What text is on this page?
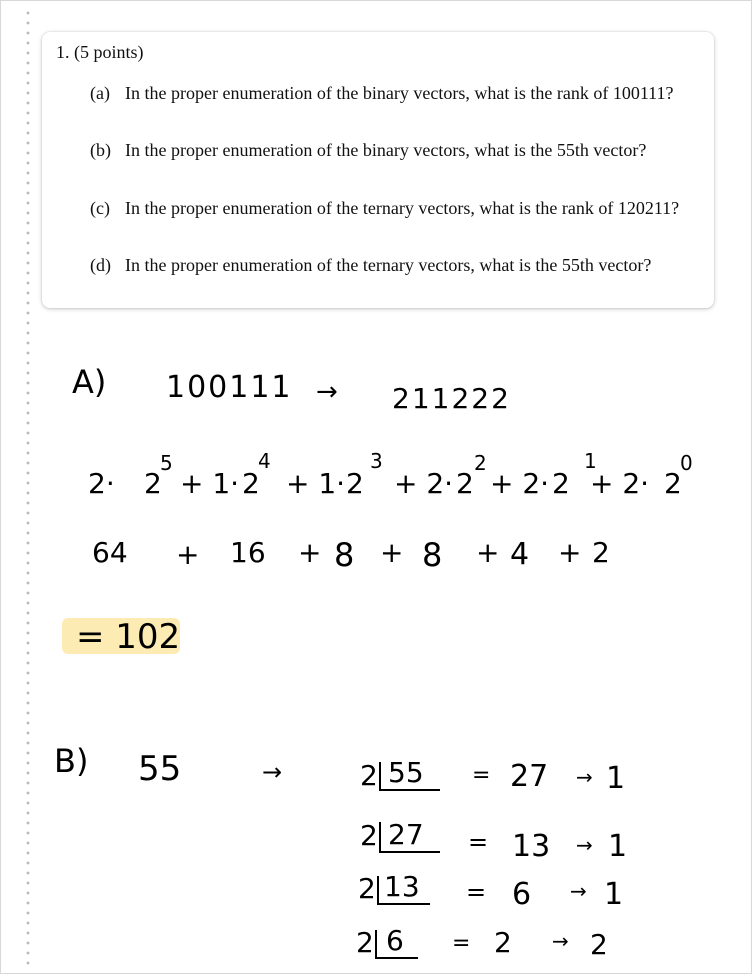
1. (5 points)
(a) In the proper enumeration of the binary vectors, what is the rank of 100111?
(b) In the proper enumeration of the binary vectors, what is the 55th vector?
(c) In the proper enumeration of the ternary vectors, what is the rank of 120211?
(d) In the proper enumeration of the ternary vectors, what is the 55th vector?
A) 100111 → 211222
2· 2
5
+ 1· 2
4
+ 1· 2
3
+ 2· 2
2
+ 2· 2
1
+ 2· 2
0
64 + 16 + 8 + 8 + 4 + 2
= 102
B) 55	→	2 55 = 27 → 1
2 27 = 13 → 1
2 13 = 6 → 1
2 6 = 2 → 2
